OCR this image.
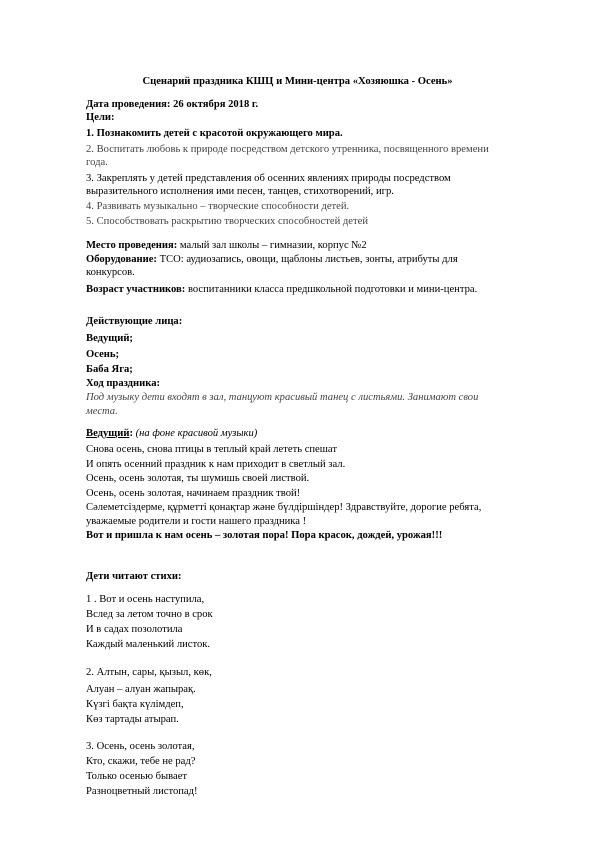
Сценарий праздника КШЦ и Мини-центра «Хозяюшка - Осень»
Дата проведения: 26 октября 2018 г.
Цели:
1. Познакомить детей с красотой окружающего мира.
2. Воспитать любовь к природе посредством детского утренника, посвященного времени
года.
3. Закреплять у детей представления об осенних явлениях природы посредством
выразительного исполнения ими песен, танцев, стихотворений, игр.
4. Развивать музыкально – творческие способности детей.
5. Способствовать раскрытию творческих способностей детей
Место проведения: малый зал школы – гимназии, корпус №2
Оборудование: ТСО: аудиозапись, овощи, щаблоны листьев, зонты, атрибуты для
конкурсов.
Возраст участников: воспитанники класса предшкольной подготовки и мини-центра.
Действующие лица:
Ведущий;
Осень;
Баба Яга;
Ход праздника:
Под музыку дети входят в зал, танцуют красивый танец с листьями. Занимают свои
места.
Ведущий: (на фоне красивой музыки)
Снова осень, снова птицы в теплый край лететь спешат
И опять осенний праздник к нам приходит в светлый зал.
Осень, осень золотая, ты шумишь своей листвой.
Осень, осень золотая, начинаем праздник твой!
Сәлеметсіздерме, құрметті қонақтар және бүлдіршіндер! Здравствуйте, дорогие ребята,
уважаемые родители и гости нашего праздника !
Вот и пришла к нам осень – золотая пора! Пора красок, дождей, урожая!!!
Дети читают стихи:
1 . Вот и осень наступила,
Вслед за летом точно в срок
И в садах позолотила
Каждый маленький листок.
2. Алтын, сары, қызыл, көк,
Алуан – алуан жапырақ.
Күзгі бақта күлімдеп,
Көз тартады атырап.
3. Осень, осень золотая,
Кто, скажи, тебе не рад?
Только осенью бывает
Разноцветный листопад!
